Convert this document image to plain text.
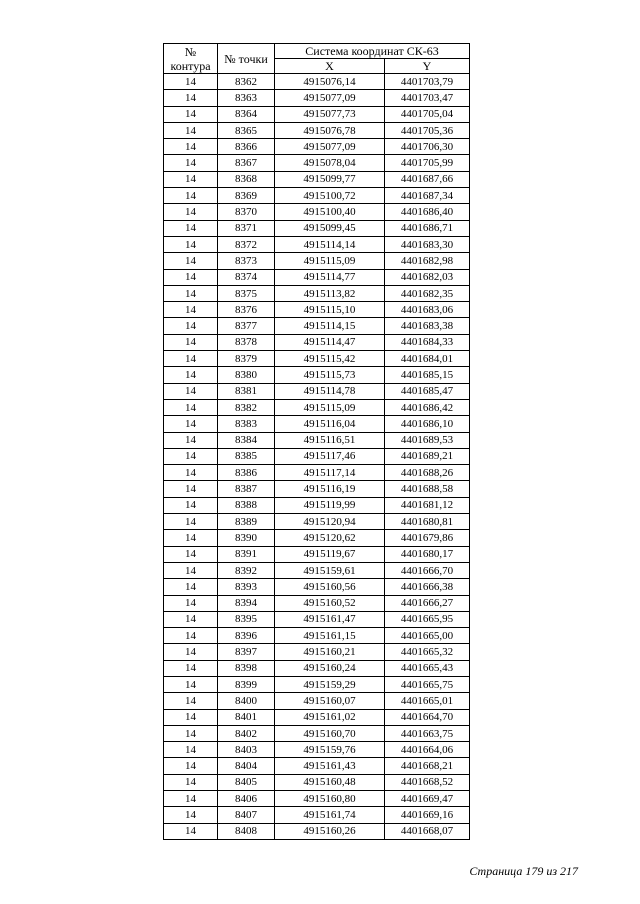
№
контура	№ точки	Система координат СК-63	
		X	Y
14	8362	4915076,14	4401703,79
14	8363	4915077,09	4401703,47
14	8364	4915077,73	4401705,04
14	8365	4915076,78	4401705,36
14	8366	4915077,09	4401706,30
14	8367	4915078,04	4401705,99
14	8368	4915099,77	4401687,66
14	8369	4915100,72	4401687,34
14	8370	4915100,40	4401686,40
14	8371	4915099,45	4401686,71
14	8372	4915114,14	4401683,30
14	8373	4915115,09	4401682,98
14	8374	4915114,77	4401682,03
14	8375	4915113,82	4401682,35
14	8376	4915115,10	4401683,06
14	8377	4915114,15	4401683,38
14	8378	4915114,47	4401684,33
14	8379	4915115,42	4401684,01
14	8380	4915115,73	4401685,15
14	8381	4915114,78	4401685,47
14	8382	4915115,09	4401686,42
14	8383	4915116,04	4401686,10
14	8384	4915116,51	4401689,53
14	8385	4915117,46	4401689,21
14	8386	4915117,14	4401688,26
14	8387	4915116,19	4401688,58
14	8388	4915119,99	4401681,12
14	8389	4915120,94	4401680,81
14	8390	4915120,62	4401679,86
14	8391	4915119,67	4401680,17
14	8392	4915159,61	4401666,70
14	8393	4915160,56	4401666,38
14	8394	4915160,52	4401666,27
14	8395	4915161,47	4401665,95
14	8396	4915161,15	4401665,00
14	8397	4915160,21	4401665,32
14	8398	4915160,24	4401665,43
14	8399	4915159,29	4401665,75
14	8400	4915160,07	4401665,01
14	8401	4915161,02	4401664,70
14	8402	4915160,70	4401663,75
14	8403	4915159,76	4401664,06
14	8404	4915161,43	4401668,21
14	8405	4915160,48	4401668,52
14	8406	4915160,80	4401669,47
14	8407	4915161,74	4401669,16
14	8408	4915160,26	4401668,07
Страница 179 из 217
